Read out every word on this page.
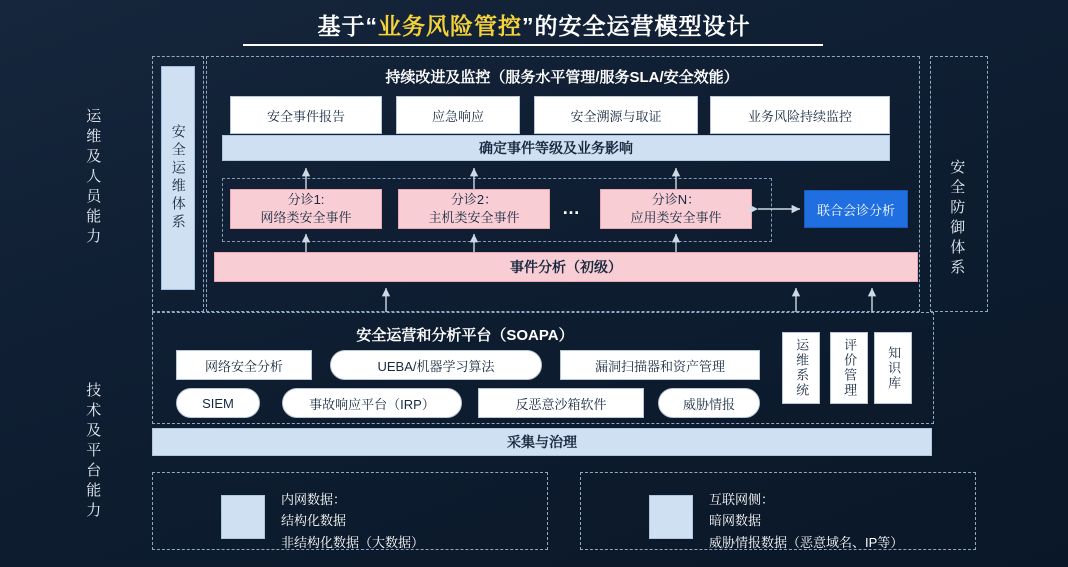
基于“业务风险管控”的安全运营模型设计
运维及人员能力
技术及平台能力
安全防御体系
安全运维体系
持续改进及监控（服务水平管理/服务SLA/安全效能）
安全事件报告	应急响应	安全溯源与取证	业务风险持续监控
确定事件等级及业务影响
分诊1:
网络类安全事件
分诊2：
主机类安全事件 …	分诊N：
应用类安全事件	联合会诊分析
事件分析（初级）
安全运营和分析平台（SOAPA）
网络安全分析	UEBA/机器学习算法	漏洞扫描器和资产管理
SIEM	事故响应平台（IRP）	反恶意沙箱软件	威胁情报
运维系统	评价管理 知识库
采集与治理
内网数据：
结构化数据
非结构化数据（大数据）
互联网侧：
暗网数据
威胁情报数据（恶意域名、IP等）
